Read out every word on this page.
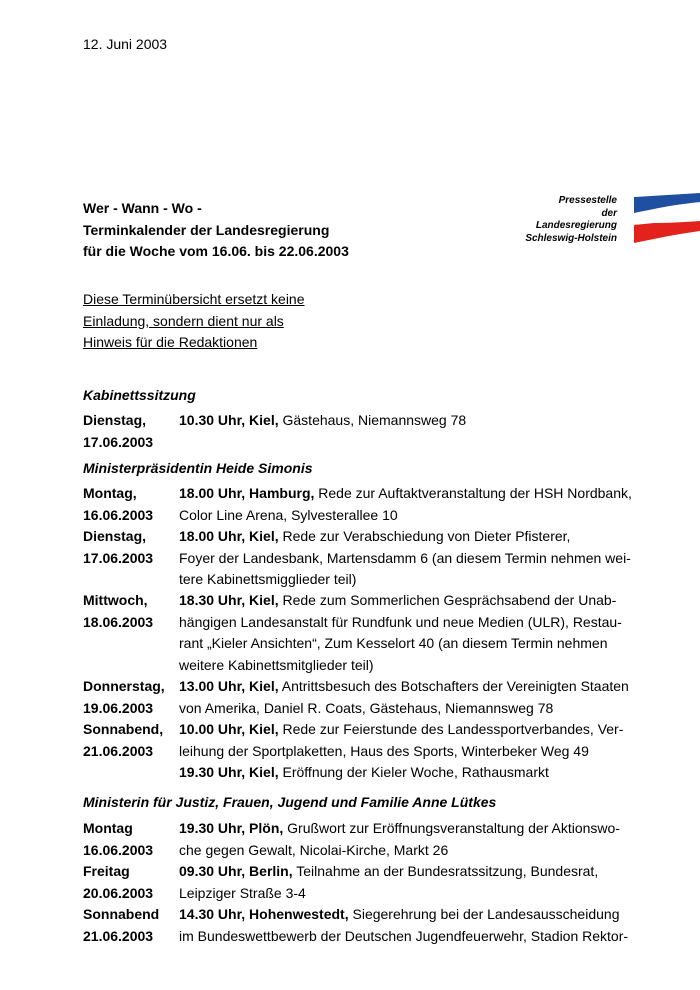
12. Juni 2003
Wer - Wann - Wo -
Terminkalender der Landesregierung
für die Woche vom 16.06. bis 22.06.2003
Pressestelle
der
Landesregierung
Schleswig-Holstein
Diese Terminübersicht ersetzt keine
Einladung, sondern dient nur als
Hinweis für die Redaktionen
Kabinettssitzung
Dienstag,
17.06.2003
10.30 Uhr, Kiel, Gästehaus, Niemannsweg 78
Ministerpräsidentin Heide Simonis
Montag,
16.06.2003
18.00 Uhr, Hamburg, Rede zur Auftaktveranstaltung der HSH Nordbank,
Color Line Arena, Sylvesterallee 10
Dienstag,
17.06.2003
18.00 Uhr, Kiel, Rede zur Verabschiedung von Dieter Pfisterer,
Foyer der Landesbank, Martensdamm 6 (an diesem Termin nehmen wei-
tere Kabinettsmigglieder teil)
Mittwoch,
18.06.2003
18.30 Uhr, Kiel, Rede zum Sommerlichen Gesprächsabend der Unab-
hängigen Landesanstalt für Rundfunk und neue Medien (ULR), Restau-
rant „Kieler Ansichten“, Zum Kesselort 40 (an diesem Termin nehmen
weitere Kabinettsmitglieder teil)
Donnerstag,
19.06.2003
13.00 Uhr, Kiel, Antrittsbesuch des Botschafters der Vereinigten Staaten
von Amerika, Daniel R. Coats, Gästehaus, Niemannsweg 78
Sonnabend,
21.06.2003
10.00 Uhr, Kiel, Rede zur Feierstunde des Landessportverbandes, Ver-
leihung der Sportplaketten, Haus des Sports, Winterbeker Weg 49
19.30 Uhr, Kiel, Eröffnung der Kieler Woche, Rathausmarkt
Ministerin für Justiz, Frauen, Jugend und Familie Anne Lütkes
Montag
16.06.2003
19.30 Uhr, Plön, Grußwort zur Eröffnungsveranstaltung der Aktionswo-
che gegen Gewalt, Nicolai-Kirche, Markt 26
Freitag
20.06.2003
09.30 Uhr, Berlin, Teilnahme an der Bundesratssitzung, Bundesrat,
Leipziger Straße 3-4
Sonnabend
21.06.2003
14.30 Uhr, Hohenwestedt, Siegerehrung bei der Landesausscheidung
im Bundeswettbewerb der Deutschen Jugendfeuerwehr, Stadion Rektor-
